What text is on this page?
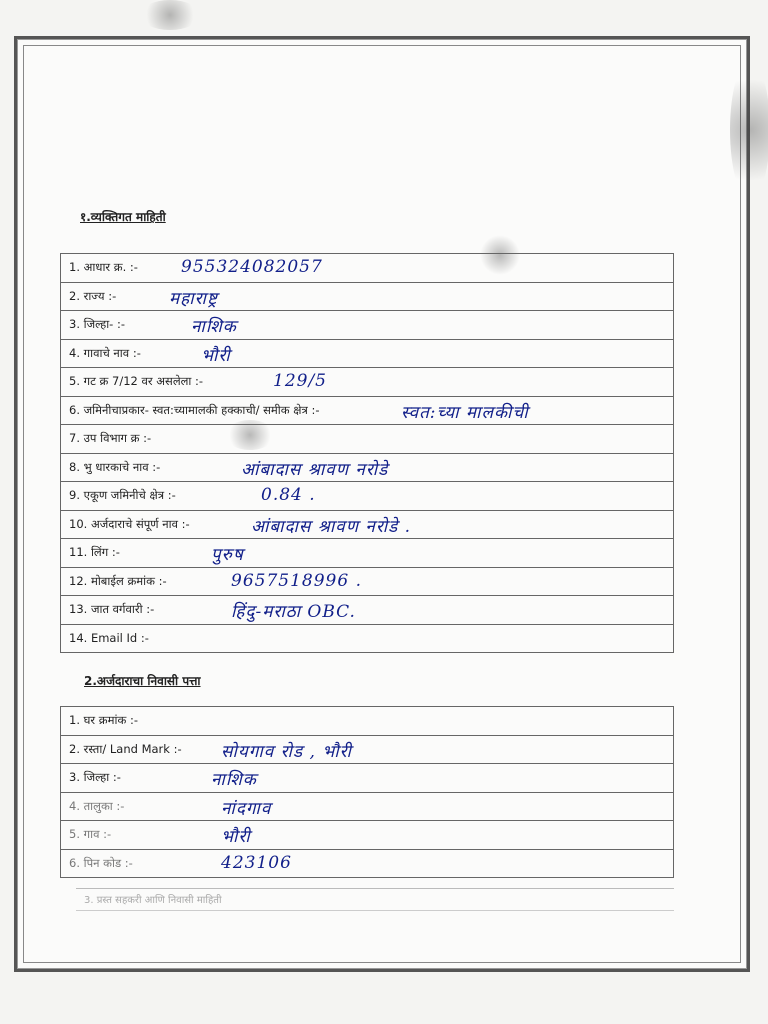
१.व्यक्तिगत माहिती
1. आधार क्र. :-	955324082057

2. राज्य :-	महाराष्ट्र

3. जिल्हा- :-	नाशिक

4. गावाचे नाव :-	भौरी

5. गट क्र 7/12 वर असलेला :-	129/5

6. जमिनीचाप्रकार- स्वत:च्यामालकी हक्काची/ समीक क्षेत्र :-	स्वत:च्या मालकीची

7. उप विभाग क्र :-

8. भु धारकाचे नाव :-	आंबादास श्रावण नरोडे

9. एकूण जमिनीचे क्षेत्र :-	0.84 .

10. अर्जदाराचे संपूर्ण नाव :-	आंबादास श्रावण नरोडे .

11. लिंग :-	पुरुष

12. मोबाईल क्रमांक :-	9657518996 .

13. जात वर्गवारी :-	हिंदु-मराठा OBC.

14. Email Id :-
2.अर्जदाराचा निवासी पत्ता
1. घर क्रमांक :-

2. रस्ता/ Land Mark :- सोयगाव रोड , भौरी

3. जिल्हा :-	नाशिक

4. तालुका :-	नांदगाव

5. गाव :-	भौरी

6. पिन कोड :-	423106
3. प्रस्त सहकरी आणि निवासी माहिती
